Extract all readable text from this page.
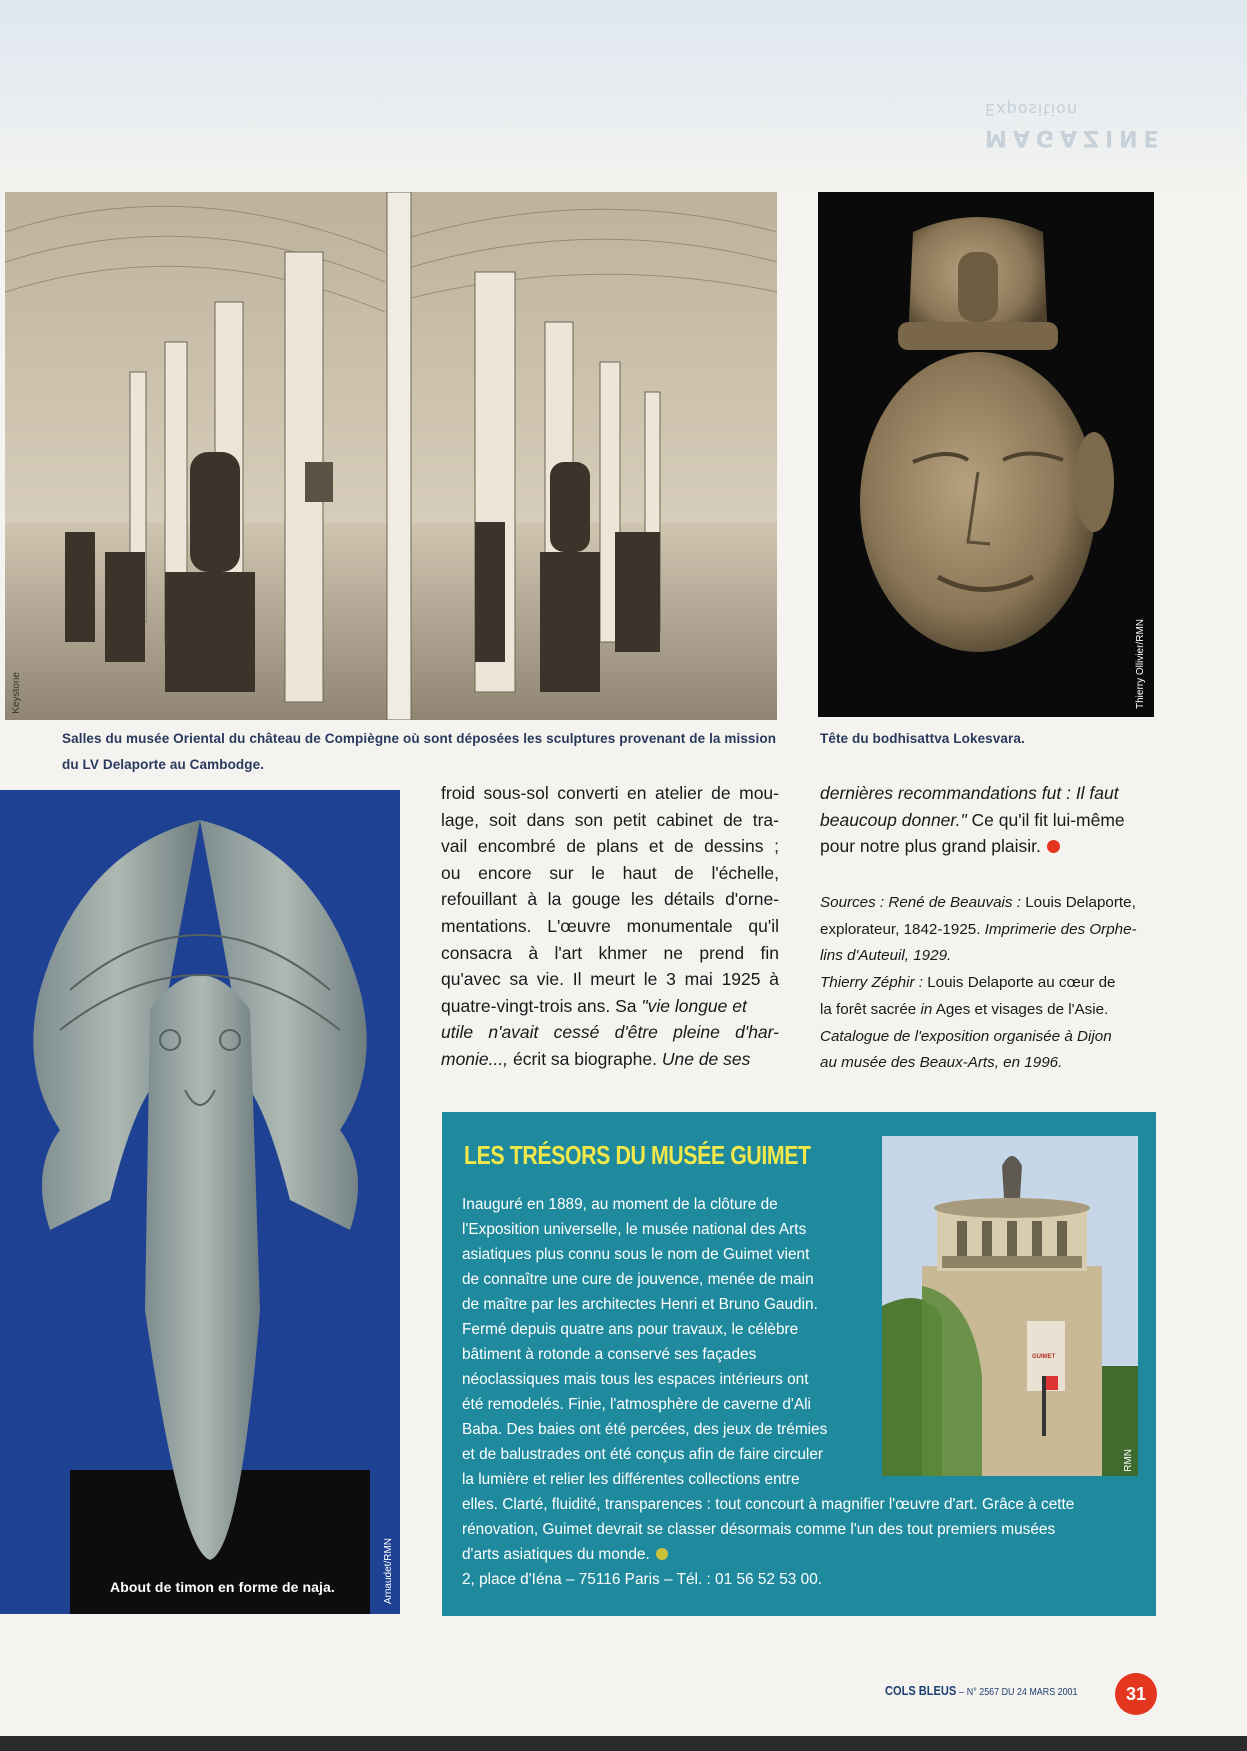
MAGAZINE
Exposition
Keystone	Thierry Ollivier/RMN
Salles du musée Oriental du château de Compiègne où sont déposées les sculptures provenant de la mission
du LV Delaporte au Cambodge.
Tête du bodhisattva Lokesvara.
About de timon en forme de naja.	Arnaudet/RMN

froid sous-sol converti en atelier de mou-
lage, soit dans son petit cabinet de tra-
vail encombré de plans et de dessins ;
ou encore sur le haut de l'échelle,
refouillant à la gouge les détails d'orne-
mentations. L'œuvre monumentale qu'il
consacra à l'art khmer ne prend fin
qu'avec sa vie. Il meurt le 3 mai 1925 à
quatre-vingt-trois ans. Sa "vie longue et
utile n'avait cessé d'être pleine d'har-
monie..., écrit sa biographe. Une de ses

dernières recommandations fut : Il faut
beaucoup donner." Ce qu'il fit lui-même
pour notre plus grand plaisir.

Sources : René de Beauvais : Louis Delaporte,
explorateur, 1842-1925. Imprimerie des Orphe-
lins d'Auteuil, 1929.
Thierry Zéphir : Louis Delaporte au cœur de
la forêt sacrée in Ages et visages de l'Asie.
Catalogue de l'exposition organisée à Dijon
au musée des Beaux-Arts, en 1996.
LES TRÉSORS DU MUSÉE GUIMET
GUIMET
RMN
Inauguré en 1889, au moment de la clôture de
l'Exposition universelle, le musée national des Arts
asiatiques plus connu sous le nom de Guimet vient
de connaître une cure de jouvence, menée de main
de maître par les architectes Henri et Bruno Gaudin.
Fermé depuis quatre ans pour travaux, le célèbre
bâtiment à rotonde a conservé ses façades
néoclassiques mais tous les espaces intérieurs ont
été remodelés. Finie, l'atmosphère de caverne d'Ali
Baba. Des baies ont été percées, des jeux de trémies
et de balustrades ont été conçus afin de faire circuler
la lumière et relier les différentes collections entre
elles. Clarté, fluidité, transparences : tout concourt à magnifier l'œuvre d'art. Grâce à cette
rénovation, Guimet devrait se classer désormais comme l'un des tout premiers musées
d'arts asiatiques du monde.
2, place d'Iéna – 75116 Paris – Tél. : 01 56 52 53 00.
COLS BLEUS – N° 2567 DU 24 MARS 2001	31
